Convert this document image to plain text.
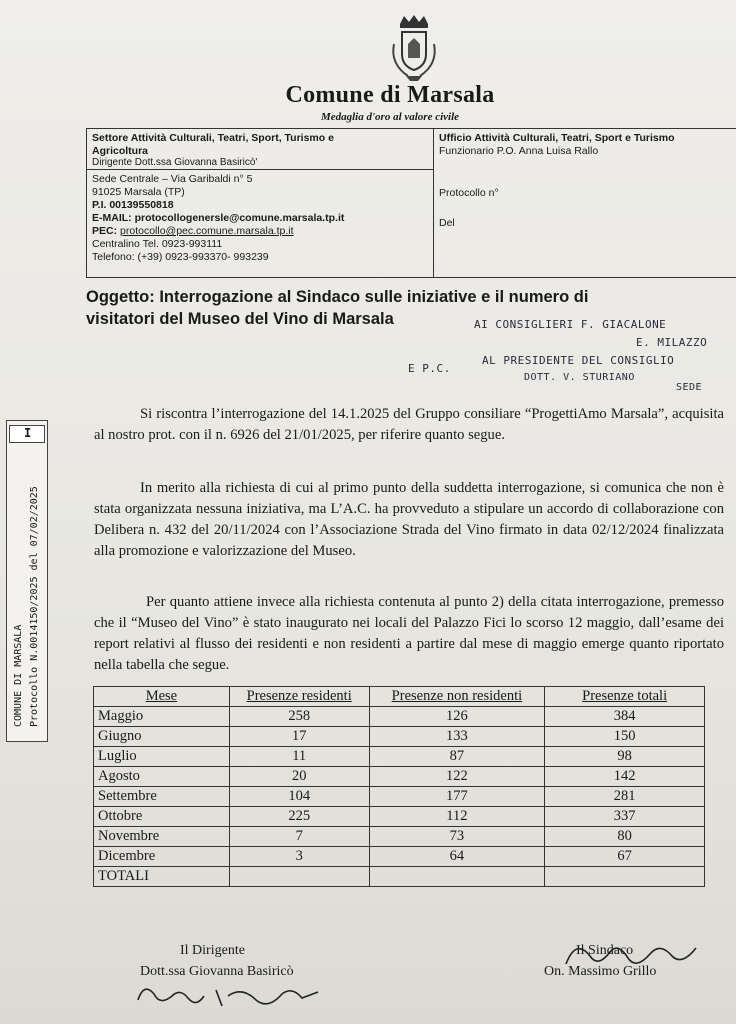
Comune di Marsala
Medaglia d'oro al valore civile
Settore Attività Culturali, Teatri, Sport, Turismo e
Agricoltura
Dirigente Dott.ssa Giovanna Basiricò'
Sede Centrale – Via Garibaldi n° 5
91025 Marsala (TP)
P.I. 00139550818
E-MAIL: protocollogenersle@comune.marsala.tp.it
PEC: protocollo@pec.comune.marsala.tp.it
Centralino Tel. 0923-993111
Telefono: (+39) 0923-993370- 993239
Ufficio Attività Culturali, Teatri, Sport e Turismo
Funzionario P.O. Anna Luisa Rallo
Protocollo n°
Del
Oggetto: Interrogazione al Sindaco sulle iniziative e il numero di
visitatori del Museo del Vino di Marsala	AI CONSIGLIERI F. GIACALONE
E. MILAZZO
E P.C.
AL PRESIDENTE DEL CONSIGLIO
DOTT. V. STURIANO
SEDE
I
COMUNE DI MARSALA Protocollo N.0014150/2025 del 07/02/2025
Si riscontra l’interrogazione del 14.1.2025 del Gruppo consiliare “ProgettiAmo Marsala”, acquisita al nostro prot. con il n. 6926 del 21/01/2025, per riferire quanto segue.
In merito alla richiesta di cui al primo punto della suddetta interrogazione, si comunica che non è stata organizzata nessuna iniziativa, ma L’A.C. ha provveduto a stipulare un accordo di collaborazione con Delibera n. 432 del 20/11/2024 con l’Associazione Strada del Vino firmato in data 02/12/2024 finalizzata alla promozione e valorizzazione del Museo.
Per quanto attiene invece alla richiesta contenuta al punto 2) della citata interrogazione, premesso che il “Museo del Vino” è stato inaugurato nei locali del Palazzo Fici lo scorso 12 maggio, dall’esame dei report relativi al flusso dei residenti e non residenti a partire dal mese di maggio emerge quanto riportato nella tabella che segue.
Mese	Presenze residenti	Presenze non residenti	Presenze totali
Maggio	258	126	384
Giugno	17	133	150
Luglio	11	87	98
Agosto	20	122	142
Settembre	104	177	281
Ottobre	225	112	337
Novembre	7	73	80
Dicembre	3	64	67
TOTALI			
Il Dirigente
Dott.ssa Giovanna Basiricò
Il Sindaco
On. Massimo Grillo
